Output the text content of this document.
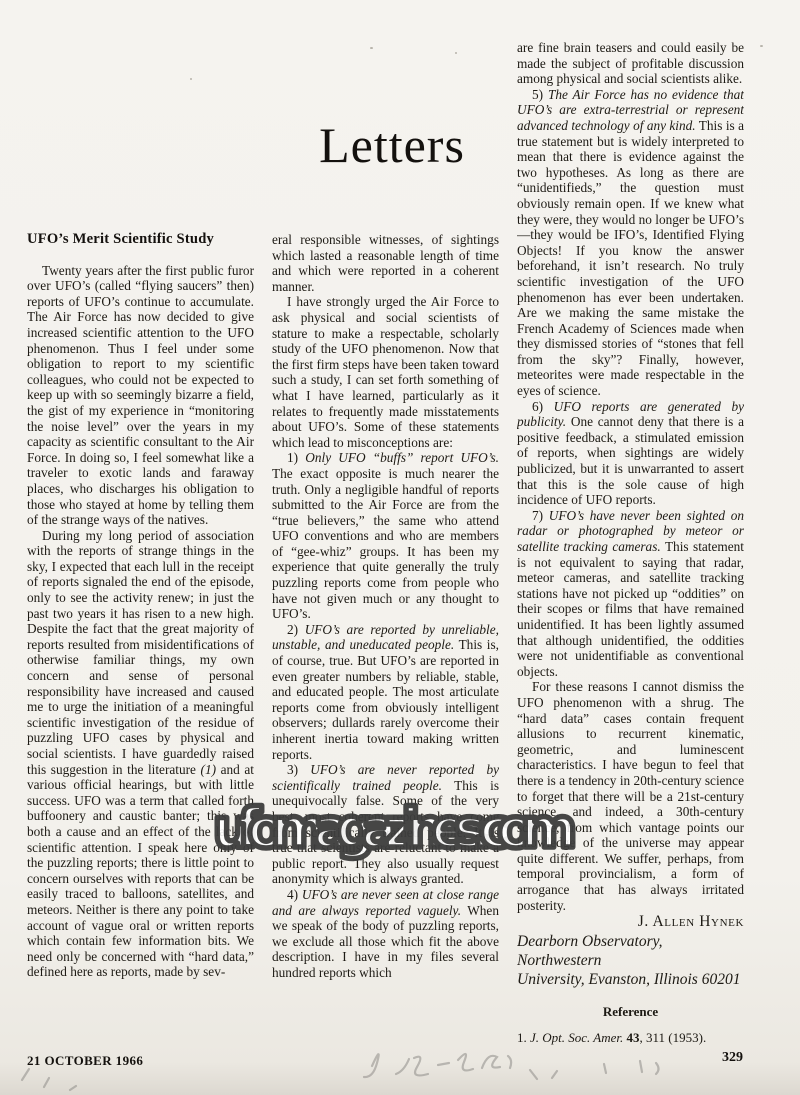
Letters
UFO’s Merit Scientific Study

Twenty years after the first public furor over UFO’s (called “flying saucers” then) reports of UFO’s continue to accumulate. The Air Force has now decided to give increased scientific attention to the UFO phenomenon. Thus I feel under some obligation to report to my scientific colleagues, who could not be expected to keep up with so seemingly bizarre a field, the gist of my experience in “monitoring the noise level” over the years in my capacity as scientific consultant to the Air Force. In doing so, I feel somewhat like a traveler to exotic lands and faraway places, who discharges his obligation to those who stayed at home by telling them of the strange ways of the natives.

During my long period of association with the reports of strange things in the sky, I expected that each lull in the receipt of reports signaled the end of the episode, only to see the activity renew; in just the past two years it has risen to a new high. Despite the fact that the great majority of reports resulted from misidentifications of otherwise familiar things, my own concern and sense of personal responsibility have increased and caused me to urge the initiation of a meaningful scientific investigation of the residue of puzzling UFO cases by physical and social scientists. I have guardedly raised this suggestion in the literature (1) and at various official hearings, but with little success. UFO was a term that called forth buffoonery and caustic banter; this was both a cause and an effect of the lack of scientific attention. I speak here only of the puzzling reports; there is little point to concern ourselves with reports that can be easily traced to balloons, satellites, and meteors. Neither is there any point to take account of vague oral or written reports which contain few information bits. We need only be concerned with “hard data,” defined here as reports, made by sev-

eral responsible witnesses, of sightings which lasted a reasonable length of time and which were reported in a coherent manner.

I have strongly urged the Air Force to ask physical and social scientists of stature to make a respectable, scholarly study of the UFO phenomenon. Now that the first firm steps have been taken toward such a study, I can set forth something of what I have learned, particularly as it relates to frequently made misstatements about UFO’s. Some of these statements which lead to misconceptions are:

1) Only UFO “buffs” report UFO’s. The exact opposite is much nearer the truth. Only a negligible handful of reports submitted to the Air Force are from the “true believers,” the same who attend UFO conventions and who are members of “gee-whiz” groups. It has been my experience that quite generally the truly puzzling reports come from people who have not given much or any thought to UFO’s.

2) UFO’s are reported by unreliable, unstable, and uneducated people. This is, of course, true. But UFO’s are reported in even greater numbers by reliable, stable, and educated people. The most articulate reports come from obviously intelligent observers; dullards rarely overcome their inherent inertia toward making written reports.

3) UFO’s are never reported by scientifically trained people. This is unequivocally false. Some of the very best, most coherent reports have come from scientifically trained people. It is true that scientists are reluctant to make a public report. They also usually request anonymity which is always granted.

4) UFO’s are never seen at close range and are always reported vaguely. When we speak of the body of puzzling reports, we exclude all those which fit the above description. I have in my files several hundred reports which

are fine brain teasers and could easily be made the subject of profitable discussion among physical and social scientists alike.

5) The Air Force has no evidence that UFO’s are extra-terrestrial or represent advanced technology of any kind. This is a true statement but is widely interpreted to mean that there is evidence against the two hypotheses. As long as there are “unidentifieds,” the question must obviously remain open. If we knew what they were, they would no longer be UFO’s—they would be IFO’s, Identified Flying Objects! If you know the answer beforehand, it isn’t research. No truly scientific investigation of the UFO phenomenon has ever been undertaken. Are we making the same mistake the French Academy of Sciences made when they dismissed stories of “stones that fell from the sky”? Finally, however, meteorites were made respectable in the eyes of science.

6) UFO reports are generated by publicity. One cannot deny that there is a positive feedback, a stimulated emission of reports, when sightings are widely publicized, but it is unwarranted to assert that this is the sole cause of high incidence of UFO reports.

7) UFO’s have never been sighted on radar or photographed by meteor or satellite tracking cameras. This statement is not equivalent to saying that radar, meteor cameras, and satellite tracking stations have not picked up “oddities” on their scopes or films that have remained unidentified. It has been lightly assumed that although unidentified, the oddities were not unidentifiable as conventional objects.

For these reasons I cannot dismiss the UFO phenomenon with a shrug. The “hard data” cases contain frequent allusions to recurrent kinematic, geometric, and luminescent characteristics. I have begun to feel that there is a tendency in 20th-century science to forget that there will be a 21st-century science, and indeed, a 30th-century science, from which vantage points our knowledge of the universe may appear quite different. We suffer, perhaps, from temporal provincialism, a form of arrogance that has always irritated posterity.

J. Allen Hynek
Dearborn Observatory, Northwestern
University, Evanston, Illinois 60201
Reference
1. J. Opt. Soc. Amer. 43, 311 (1953).
ufomagazines.com
21 OCTOBER 1966	329
